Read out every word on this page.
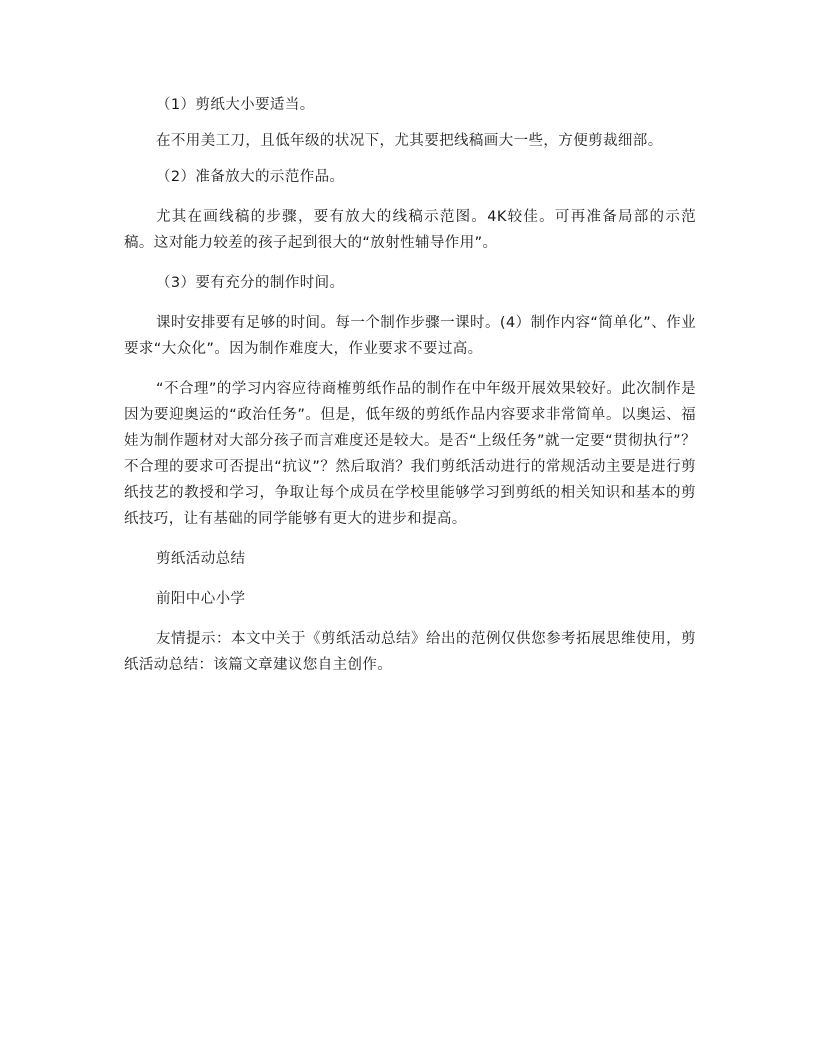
（1）剪纸大小要适当。

在不用美工刀，且低年级的状况下，尤其要把线稿画大一些，方便剪裁细部。

（2）准备放大的示范作品。

尤其在画线稿的步骤，要有放大的线稿示范图。4K较佳。可再准备局部的示范稿。这对能力较差的孩子起到很大的“放射性辅导作用”。

（3）要有充分的制作时间。

课时安排要有足够的时间。每一个制作步骤一课时。(4）制作内容“简单化”、作业要求“大众化”。因为制作难度大，作业要求不要过高。

“不合理”的学习内容应待商榷剪纸作品的制作在中年级开展效果较好。此次制作是因为要迎奥运的“政治任务”。但是，低年级的剪纸作品内容要求非常简单。以奥运、福娃为制作题材对大部分孩子而言难度还是较大。是否“上级任务”就一定要“贯彻执行”？不合理的要求可否提出“抗议”？然后取消？我们剪纸活动进行的常规活动主要是进行剪纸技艺的教授和学习，争取让每个成员在学校里能够学习到剪纸的相关知识和基本的剪纸技巧，让有基础的同学能够有更大的进步和提高。

剪纸活动总结

前阳中心小学

友情提示：本文中关于《剪纸活动总结》给出的范例仅供您参考拓展思维使用，剪纸活动总结：该篇文章建议您自主创作。
